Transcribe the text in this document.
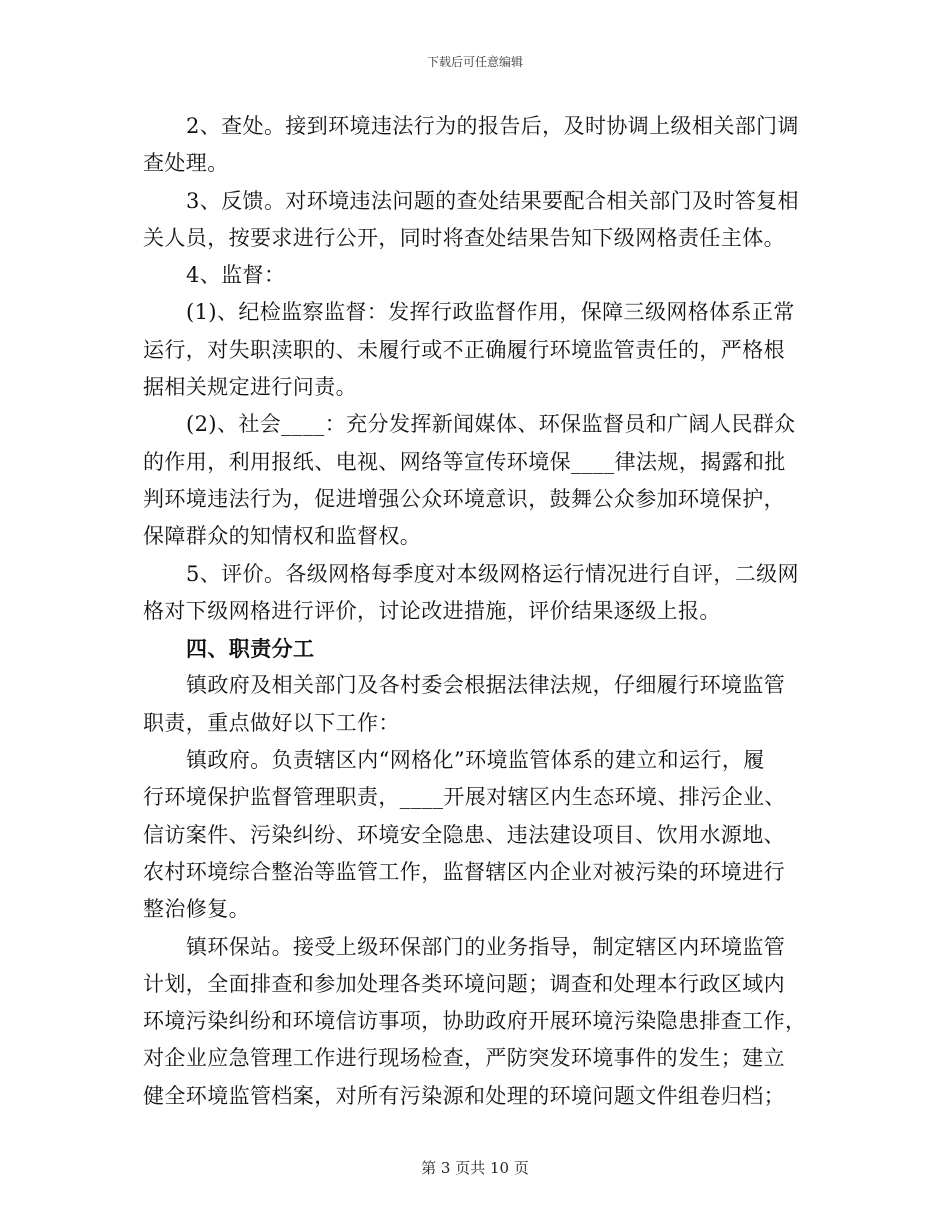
下载后可任意编辑
2、查处。接到环境违法行为的报告后，及时协调上级相关部门调
查处理。
3、反馈。对环境违法问题的查处结果要配合相关部门及时答复相
关人员，按要求进行公开，同时将查处结果告知下级网格责任主体。
4、监督：
(1)、纪检监察监督：发挥行政监督作用，保障三级网格体系正常
运行，对失职渎职的、未履行或不正确履行环境监管责任的，严格根
据相关规定进行问责。
(2)、社会____：充分发挥新闻媒体、环保监督员和广阔人民群众
的作用，利用报纸、电视、网络等宣传环境保____律法规，揭露和批
判环境违法行为，促进增强公众环境意识，鼓舞公众参加环境保护，
保障群众的知情权和监督权。
5、评价。各级网格每季度对本级网格运行情况进行自评，二级网
格对下级网格进行评价，讨论改进措施，评价结果逐级上报。
四、职责分工
镇政府及相关部门及各村委会根据法律法规，仔细履行环境监管
职责，重点做好以下工作：
镇政府。负责辖区内“网格化”环境监管体系的建立和运行，履
行环境保护监督管理职责，____开展对辖区内生态环境、排污企业、
信访案件、污染纠纷、环境安全隐患、违法建设项目、饮用水源地、
农村环境综合整治等监管工作，监督辖区内企业对被污染的环境进行
整治修复。
镇环保站。接受上级环保部门的业务指导，制定辖区内环境监管
计划，全面排查和参加处理各类环境问题；调查和处理本行政区域内
环境污染纠纷和环境信访事项，协助政府开展环境污染隐患排查工作，
对企业应急管理工作进行现场检查，严防突发环境事件的发生；建立
健全环境监管档案，对所有污染源和处理的环境问题文件组卷归档；
第 3 页共 10 页
